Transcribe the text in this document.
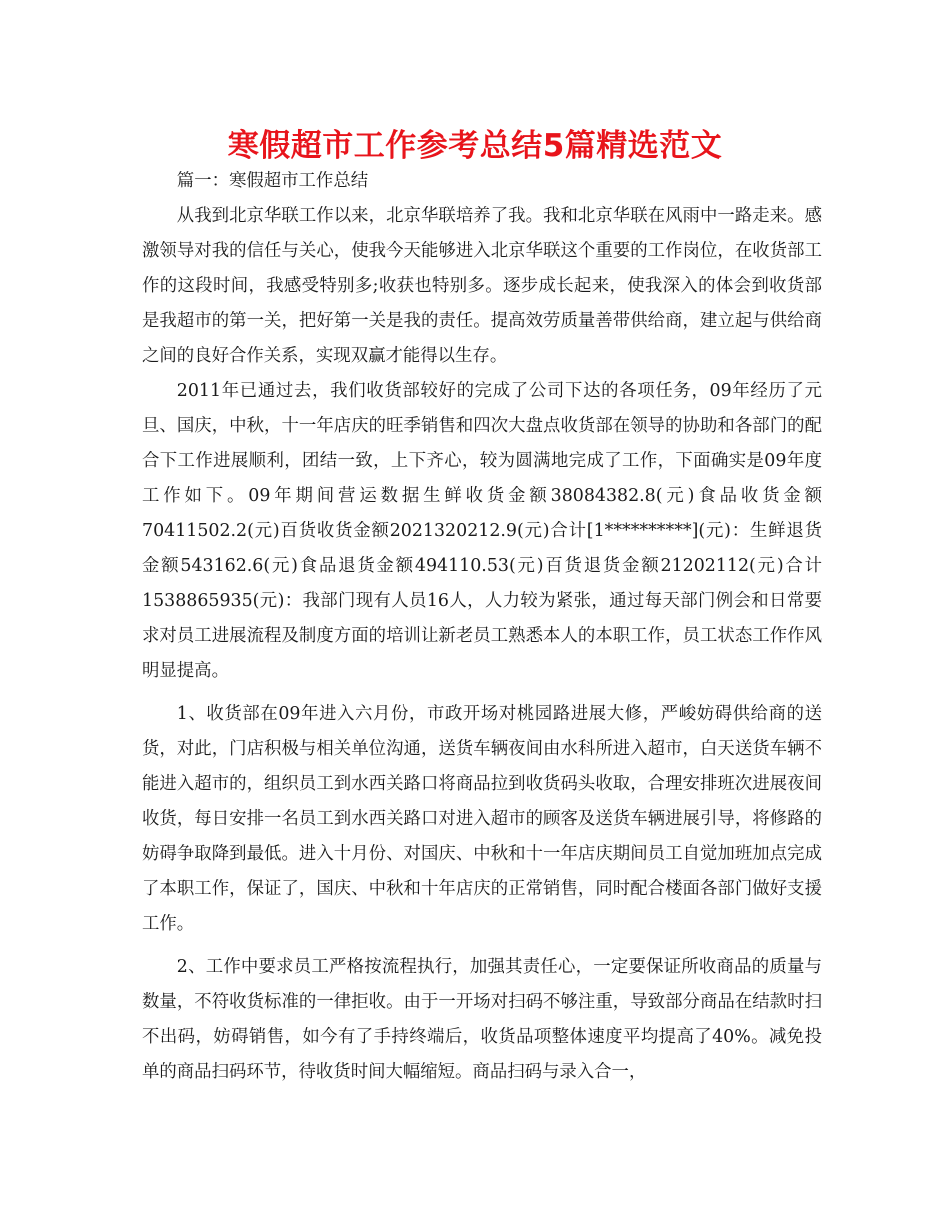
寒假超市工作参考总结5篇精选范文

篇一：寒假超市工作总结

从我到北京华联工作以来，北京华联培养了我。我和北京华联在风雨中一路走来。感激领导对我的信任与关心，使我今天能够进入北京华联这个重要的工作岗位，在收货部工作的这段时间，我感受特别多;收获也特别多。逐步成长起来，使我深入的体会到收货部是我超市的第一关，把好第一关是我的责任。提高效劳质量善带供给商，建立起与供给商之间的良好合作关系，实现双赢才能得以生存。

2011年已通过去，我们收货部较好的完成了公司下达的各项任务，09年经历了元旦、国庆，中秋，十一年店庆的旺季销售和四次大盘点收货部在领导的协助和各部门的配合下工作进展顺利，团结一致，上下齐心，较为圆满地完成了工作，下面确实是09年度工作如下。09年期间营运数据生鲜收货金额38084382.8(元)食品收货金额70411502.2(元)百货收货金额2021320212.9(元)合计[1**********](元)：生鲜退货金额543162.6(元)食品退货金额494110.53(元)百货退货金额21202112(元)合计1538865935(元)：我部门现有人员16人，人力较为紧张，通过每天部门例会和日常要求对员工进展流程及制度方面的培训让新老员工熟悉本人的本职工作，员工状态工作作风明显提高。

1、收货部在09年进入六月份，市政开场对桃园路进展大修，严峻妨碍供给商的送货，对此，门店积极与相关单位沟通，送货车辆夜间由水科所进入超市，白天送货车辆不能进入超市的，组织员工到水西关路口将商品拉到收货码头收取，合理安排班次进展夜间收货，每日安排一名员工到水西关路口对进入超市的顾客及送货车辆进展引导，将修路的妨碍争取降到最低。进入十月份、对国庆、中秋和十一年店庆期间员工自觉加班加点完成了本职工作，保证了，国庆、中秋和十年店庆的正常销售，同时配合楼面各部门做好支援工作。

2、工作中要求员工严格按流程执行，加强其责任心，一定要保证所收商品的质量与数量，不符收货标准的一律拒收。由于一开场对扫码不够注重，导致部分商品在结款时扫不出码，妨碍销售，如今有了手持终端后，收货品项整体速度平均提高了40%。减免投单的商品扫码环节，待收货时间大幅缩短。商品扫码与录入合一，
